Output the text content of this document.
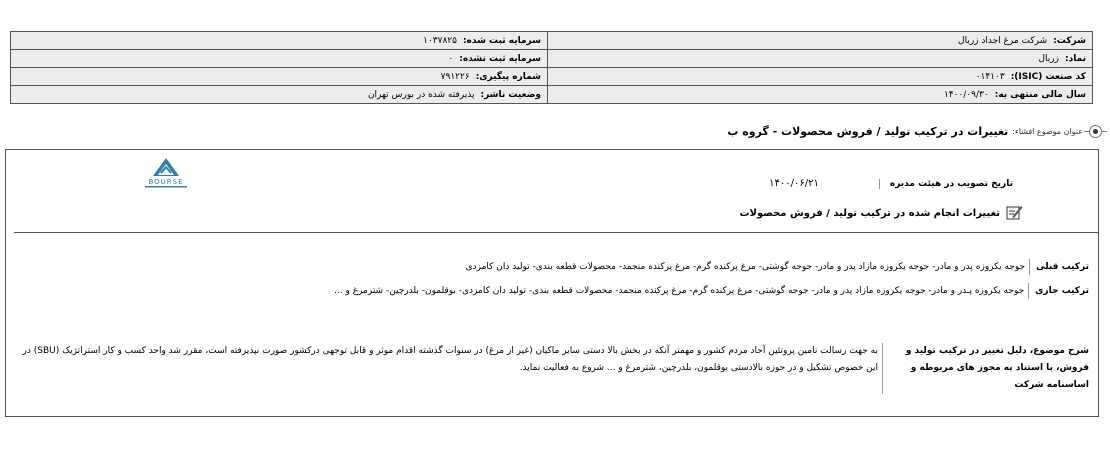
شرکت:شرکت مرغ اجداد زربال	سرمایه ثبت شده:۱۰۳۷۸۲۵
نماد:زربال	سرمایه ثبت نشده:۰
کد صنعت (ISIC):۰۱۴۱۰۳	شماره پیگیری:۷۹۱۲۲۶
سال مالی منتهی به:۱۴۰۰/۰۹/۳۰	وضعیت ناشر:پذیرفته شده در بورس تهران
عنوان موضوع افشاء:
تغییرات در ترکیب تولید / فروش محصولات - گروه ب
BOURSE	تاریخ تصویب در هیئت مدیره
۱۴۰۰/۰۶/۲۱
تغییرات انجام شده در ترکیب تولید / فروش محصولات
ترکیب قبلی
جوجه یکروزه پدر و مادر- جوجه یکروزه مازاد پدر و مادر- جوجه گوشتی- مرغ پرکنده گرم- مرغ پرکنده منجمد- محصولات قطعه بندی- تولید دان کامزدی
ترکیب جاری
جوجه یکروزه پـدر و مادر- جوجه یکروزه مازاد پدر و مادر- جوجه گوشتی- مرغ پرکنده گرم- مرغ پرکنده منجمد- محصولات قطعه بندی- تولید دان کامزدی- بوقلمون- بلدرچین- شترمرغ و ...
شرح موضوع، دلیل تغییر در ترکیب تولید و فروش، با استناد به مجوز های مربوطه و اساسنامه شرکت
به جهت رسالت تامین پروتئین آحاد مردم کشور و مهمتر آنکه در بخش بالا دستی سایر ماکیان (غیر از مرغ) در سنوات گذشته اقدام موثر و قابل توجهی درکشور صورت نپذیرفته است، مقرر شد واحد کسب و کار استراتژیک (SBU) در این خصوص تشکیل و در حوزه بالادستی بوقلمون، بلدرچین، شترمرغ و ... شروع به فعالیت نماید.
